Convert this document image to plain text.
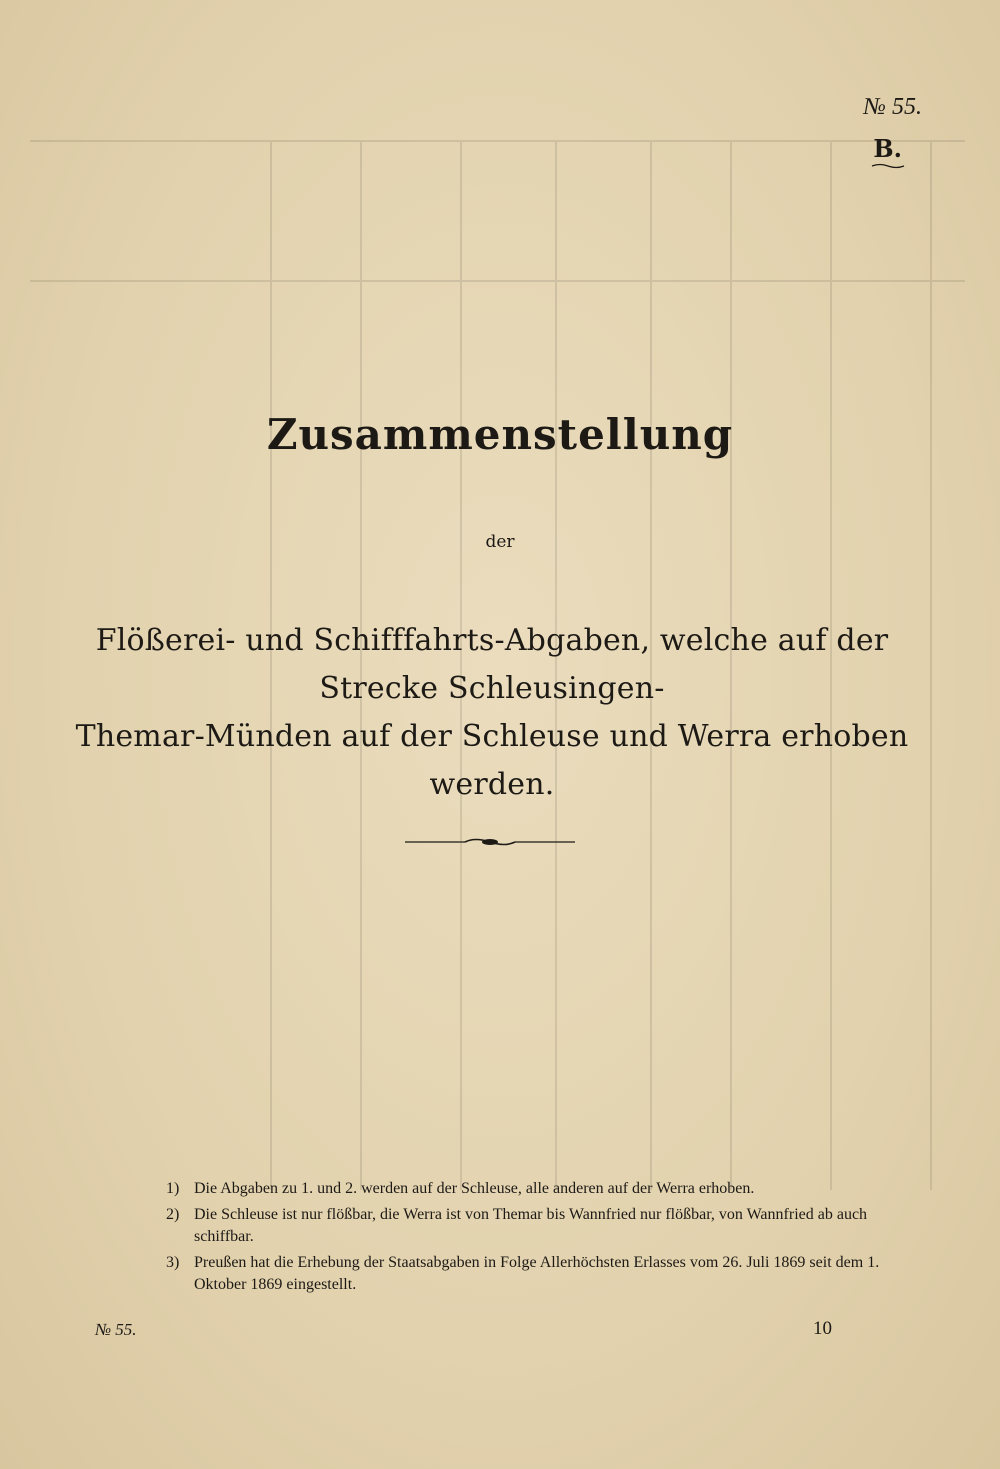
№ 55.
B.
Zusammenstellung
der
Flößerei- und Schifffahrts-Abgaben, welche auf der Strecke Schleusingen-
Themar-Münden auf der Schleuse und Werra erhoben werden.
1) Die Abgaben zu 1. und 2. werden auf der Schleuse, alle anderen auf der Werra erhoben.
2) Die Schleuse ist nur flößbar, die Werra ist von Themar bis Wannfried nur flößbar, von Wannfried ab auch schiffbar.
3) Preußen hat die Erhebung der Staatsabgaben in Folge Allerhöchsten Erlasses vom 26. Juli 1869 seit dem 1. Oktober 1869 eingestellt.
№ 55.	10
